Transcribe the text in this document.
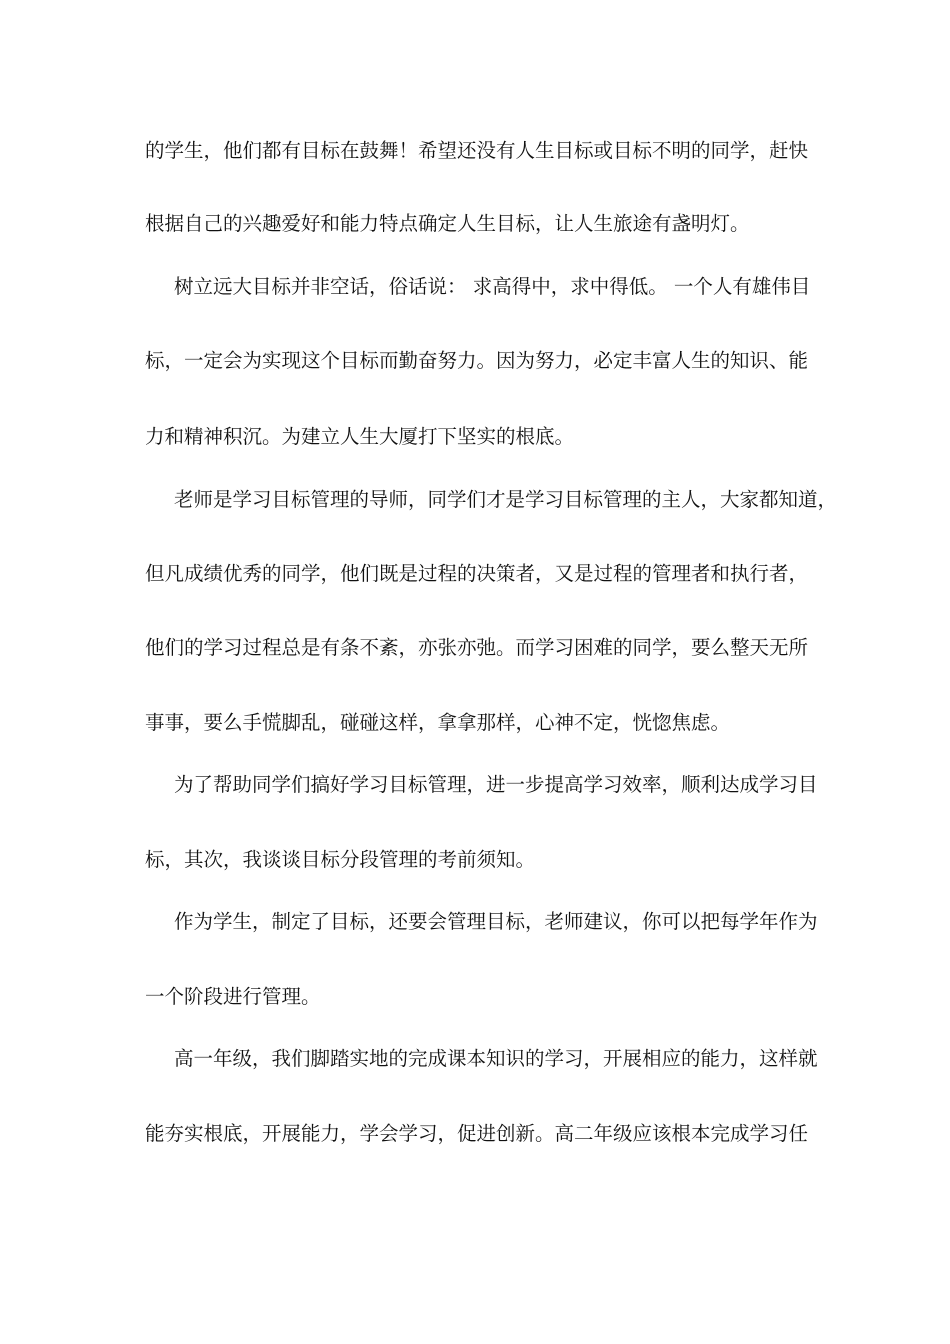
的学生，他们都有目标在鼓舞！希望还没有人生目标或目标不明的同学，赶快
根据自己的兴趣爱好和能力特点确定人生目标，让人生旅途有盏明灯。
树立远大目标并非空话，俗话说： 求高得中，求中得低。 一个人有雄伟目
标，一定会为实现这个目标而勤奋努力。因为努力，必定丰富人生的知识、能
力和精神积沉。为建立人生大厦打下坚实的根底。
老师是学习目标管理的导师，同学们才是学习目标管理的主人，大家都知道，
但凡成绩优秀的同学，他们既是过程的决策者，又是过程的管理者和执行者，
他们的学习过程总是有条不紊，亦张亦弛。而学习困难的同学，要么整天无所
事事，要么手慌脚乱，碰碰这样，拿拿那样，心神不定，恍惚焦虑。
为了帮助同学们搞好学习目标管理，进一步提高学习效率，顺利达成学习目
标，其次，我谈谈目标分段管理的考前须知。
作为学生，制定了目标，还要会管理目标，老师建议，你可以把每学年作为
一个阶段进行管理。
高一年级，我们脚踏实地的完成课本知识的学习，开展相应的能力，这样就
能夯实根底，开展能力，学会学习，促进创新。高二年级应该根本完成学习任
